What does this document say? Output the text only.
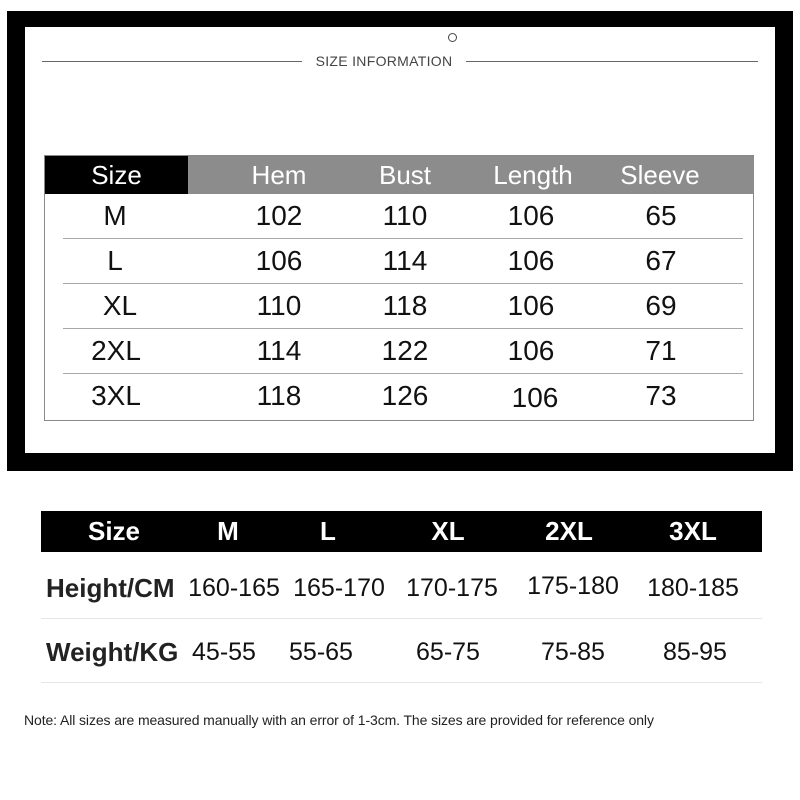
SIZE INFORMATION
Size	Hem	Bust	Length	Sleeve
M	102	110	106	65
L	106	114	106	67
XL	110	118	106	69
2XL	114	122	106	71
3XL	118	126	106	73
Size	M	L	XL	2XL	3XL
Height/CM 160-165 165-170 170-175 175-180 180-185
Weight/KG 45-55	55-65	65-75	75-85	85-95
Note: All sizes are measured manually with an error of 1-3cm. The sizes are provided for reference only
